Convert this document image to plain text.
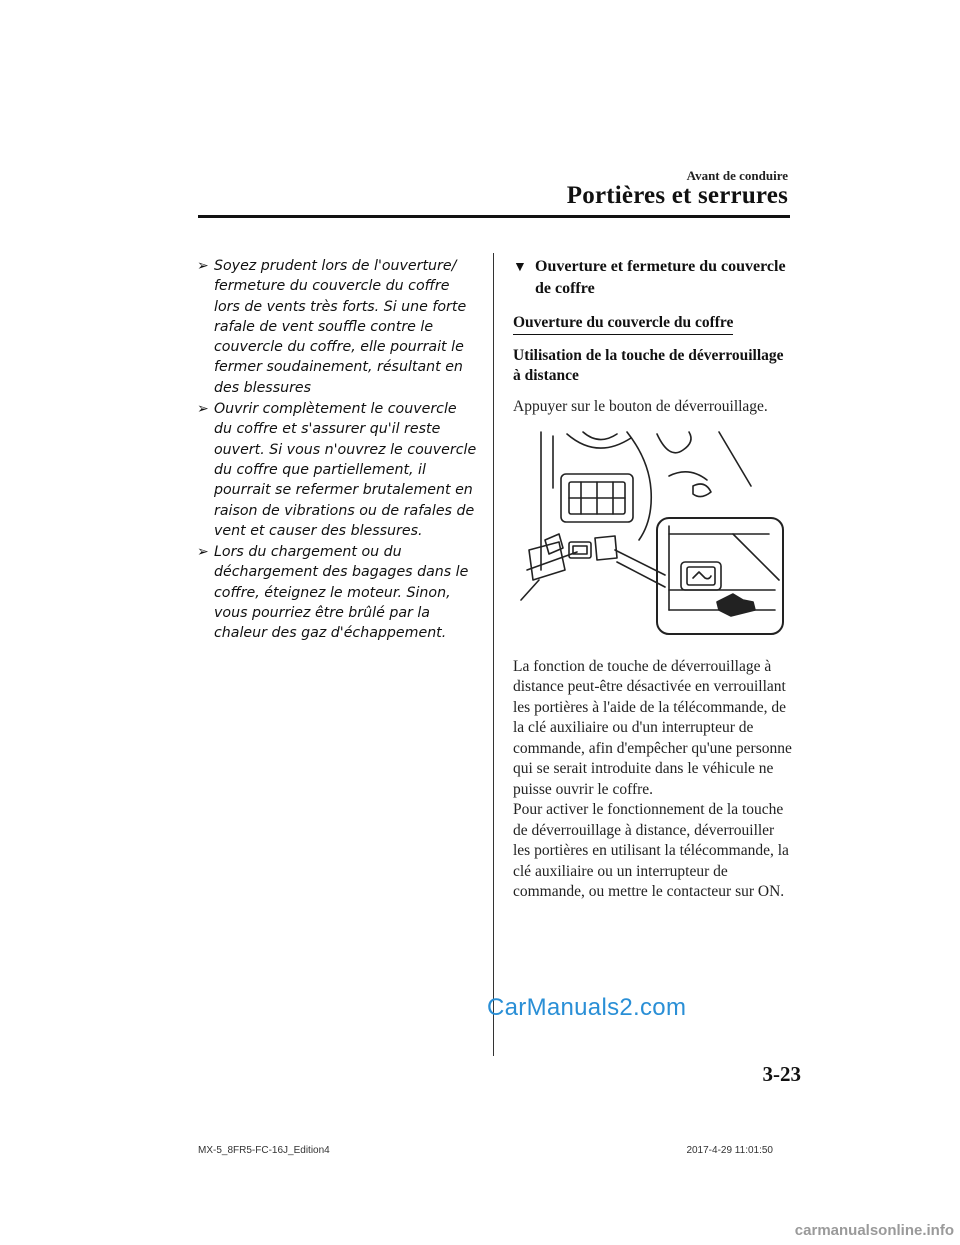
Avant de conduire
Portières et serrures
➢ Soyez prudent lors de l'ouverture/ fermeture du couvercle du coffre lors de vents très forts. Si une forte rafale de vent souffle contre le couvercle du coffre, elle pourrait le fermer soudainement, résultant en des blessures
➢ Ouvrir complètement le couvercle du coffre et s'assurer qu'il reste ouvert. Si vous n'ouvrez le couvercle du coffre que partiellement, il pourrait se refermer brutalement en raison de vibrations ou de rafales de vent et causer des blessures.
➢ Lors du chargement ou du déchargement des bagages dans le coffre, éteignez le moteur. Sinon, vous pourriez être brûlé par la chaleur des gaz d'échappement.
▼ Ouverture et fermeture du couvercle de coffre
Ouverture du couvercle du coffre
Utilisation de la touche de déverrouillage à distance
Appuyer sur le bouton de déverrouillage.
La fonction de touche de déverrouillage à distance peut-être désactivée en verrouillant les portières à l'aide de la télécommande, de la clé auxiliaire ou d'un interrupteur de commande, afin d'empêcher qu'une personne qui se serait introduite dans le véhicule ne puisse ouvrir le coffre.
Pour activer le fonctionnement de la touche de déverrouillage à distance, déverrouiller les portières en utilisant la télécommande, la clé auxiliaire ou un interrupteur de commande, ou mettre le contacteur sur ON.
CarManuals2.com
3-23
MX-5_8FR5-FC-16J_Edition4	2017-4-29 11:01:50
carmanualsonline.info
